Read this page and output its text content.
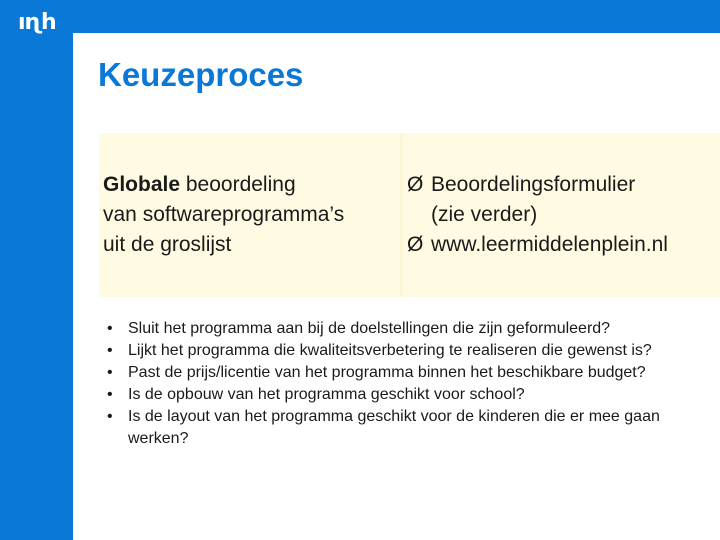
ıɳh
Keuzeproces
Globale beoordeling
van softwareprogramma’s
uit de groslijst
Ø Beoordelingsformulier
(zie verder)
Ø www.leermiddelenplein.nl
• Sluit het programma aan bij de doelstellingen die zijn geformuleerd?
• Lijkt het programma die kwaliteitsverbetering te realiseren die gewenst is?
• Past de prijs/licentie van het programma binnen het beschikbare budget?
• Is de opbouw van het programma geschikt voor school?
• Is de layout van het programma geschikt voor de kinderen die er mee gaan werken?
